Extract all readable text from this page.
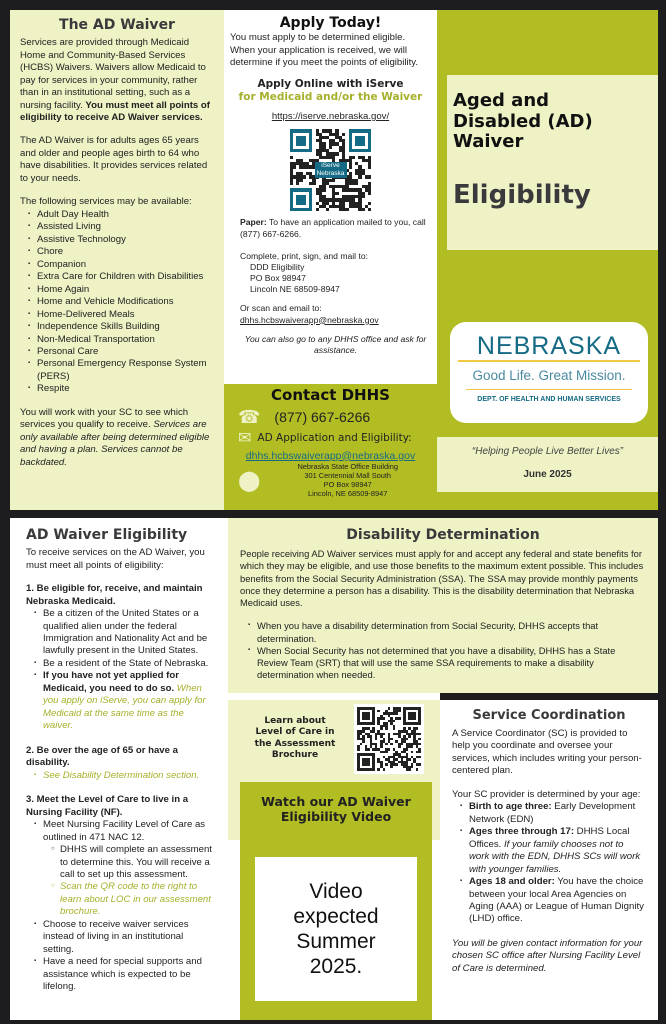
The AD Waiver

Services are provided through Medicaid Home and Community-Based Services (HCBS) Waivers. Waivers allow Medicaid to pay for services in your community, rather than in an institutional setting, such as a nursing facility. You must meet all points of eligibility to receive AD Waiver services.

The AD Waiver is for adults ages 65 years and older and people ages birth to 64 who have disabilities. It provides services related to your needs.

The following services may be available:
▪ Adult Day Health
▪ Assisted Living
▪ Assistive Technology
▪ Chore
▪ Companion
▪ Extra Care for Children with Disabilities
▪ Home Again
▪ Home and Vehicle Modifications
▪ Home-Delivered Meals
▪ Independence Skills Building
▪ Non-Medical Transportation
▪ Personal Care
▪ Personal Emergency Response System (PERS)
▪ Respite

You will work with your SC to see which services you qualify to receive. Services are only available after being determined eligible and having a plan. Services cannot be backdated.

Apply Today!
You must apply to be determined eligible. When your application is received, we will determine if you meet the points of eligibility.
Apply Online with iServe
for Medicaid and/or the Waiver
https://iserve.nebraska.gov/
iServe
Nebraska

Paper: To have an application mailed to you, call (877) 667-6266.

Complete, print, sign, and mail to:
DDD Eligibility
PO Box 98947
Lincoln NE 68509-8947
Or scan and email to:
dhhs.hcbswaiverapp@nebraska.gov
You can also go to any DHHS office and ask for assistance.
Contact DHHS
☎ (877) 667-6266
✉ AD Application and Eligibility:
dhhs.hcbswaiverapp@nebraska.gov
⬤
Nebraska State Office Building
301 Centennial Mall South
PO Box 98947
Lincoln, NE 68509-8947
Aged and Disabled (AD) Waiver
Eligibility
NEBRASKA
Good Life. Great Mission.
DEPT. OF HEALTH AND HUMAN SERVICES
“Helping People Live Better Lives”
June 2025
AD Waiver Eligibility

To receive services on the AD Waiver, you must meet all points of eligibility:

1. Be eligible for, receive, and maintain Nebraska Medicaid.
▪ Be a citizen of the United States or a qualified alien under the federal Immigration and Nationality Act and be lawfully present in the United States.
▪ Be a resident of the State of Nebraska.
▪ If you have not yet applied for Medicaid, you need to do so. When you apply on iServe, you can apply for Medicaid at the same time as the waiver.
2. Be over the age of 65 or have a disability.
▪ See Disability Determination section.
3. Meet the Level of Care to live in a Nursing Facility (NF).
▪ Meet Nursing Facility Level of Care as outlined in 471 NAC 12.
○ DHHS will complete an assessment to determine this. You will receive a call to set up this assessment.
○ Scan the QR code to the right to learn about LOC in our assessment brochure.
▪ Choose to receive waiver services instead of living in an institutional setting.
▪ Have a need for special supports and assistance which is expected to be lifelong.
Disability Determination

People receiving AD Waiver services must apply for and accept any federal and state benefits for which they may be eligible, and use those benefits to the maximum extent possible. This includes benefits from the Social Security Administration (SSA). The SSA may provide monthly payments once they determine a person has a disability. This is the disability determination that Nebraska Medicaid uses.

▪ When you have a disability determination from Social Security, DHHS accepts that determination.
▪ When Social Security has not determined that you have a disability, DHHS has a State Review Team (SRT) that will use the same SSA requirements to make a disability determination when needed.
Learn about Level of Care in the Assessment Brochure
Watch our AD Waiver Eligibility Video
Video expected Summer 2025.
Service Coordination

A Service Coordinator (SC) is provided to help you coordinate and oversee your services, which includes writing your person-centered plan.

Your SC provider is determined by your age:
▪ Birth to age three: Early Development Network (EDN)
▪ Ages three through 17: DHHS Local Offices. If your family chooses not to work with the EDN, DHHS SCs will work with younger families.
▪ Ages 18 and older: You have the choice between your local Area Agencies on Aging (AAA) or League of Human Dignity (LHD) office.
You will be given contact information for your chosen SC office after Nursing Facility Level of Care is determined.
